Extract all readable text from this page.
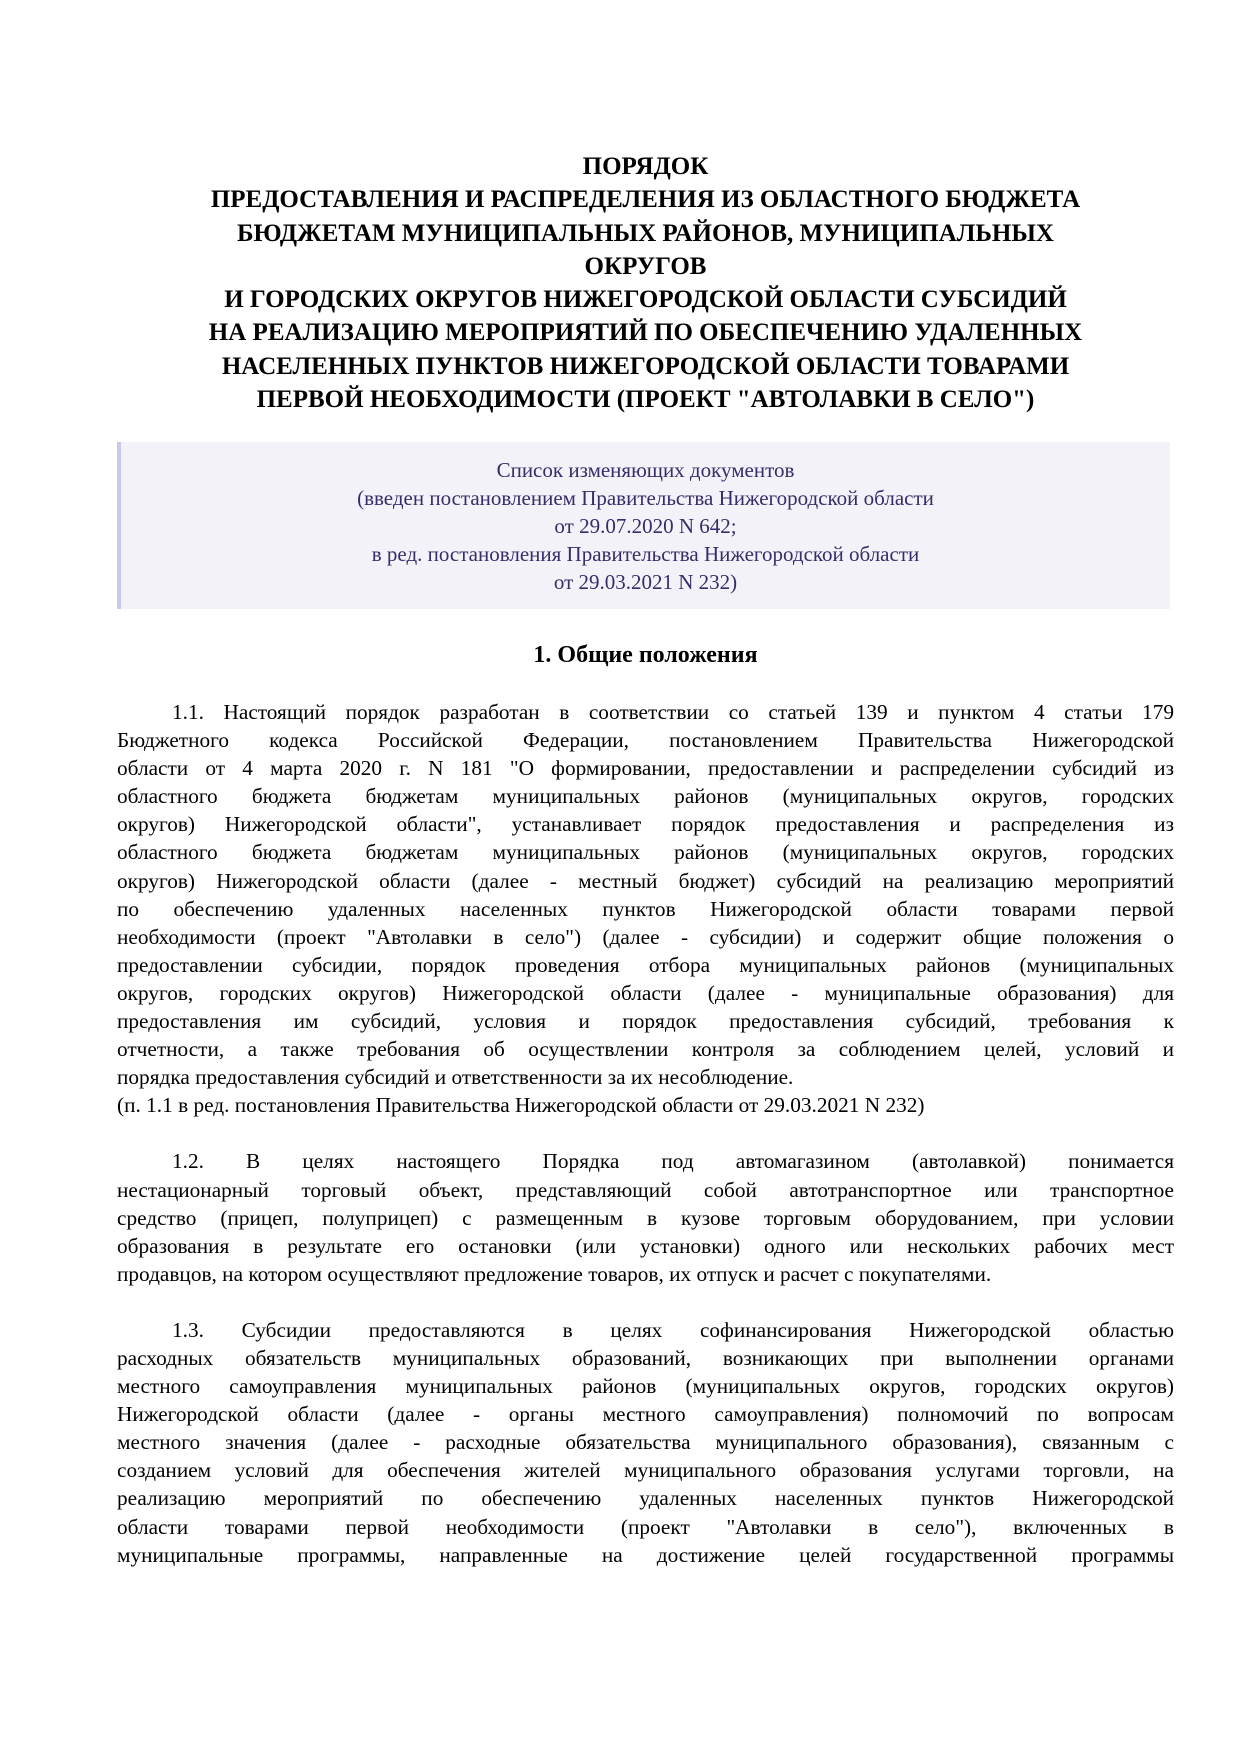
ПОРЯДОК
ПРЕДОСТАВЛЕНИЯ И РАСПРЕДЕЛЕНИЯ ИЗ ОБЛАСТНОГО БЮДЖЕТА
БЮДЖЕТАМ МУНИЦИПАЛЬНЫХ РАЙОНОВ, МУНИЦИПАЛЬНЫХ
ОКРУГОВ
И ГОРОДСКИХ ОКРУГОВ НИЖЕГОРОДСКОЙ ОБЛАСТИ СУБСИДИЙ
НА РЕАЛИЗАЦИЮ МЕРОПРИЯТИЙ ПО ОБЕСПЕЧЕНИЮ УДАЛЕННЫХ
НАСЕЛЕННЫХ ПУНКТОВ НИЖЕГОРОДСКОЙ ОБЛАСТИ ТОВАРАМИ
ПЕРВОЙ НЕОБХОДИМОСТИ (ПРОЕКТ "АВТОЛАВКИ В СЕЛО")
Список изменяющих документов
(введен постановлением Правительства Нижегородской области
от 29.07.2020 N 642;
в ред. постановления Правительства Нижегородской области
от 29.03.2021 N 232)
1. Общие положения
1.1. Настоящий порядок разработан в соответствии со статьей 139 и пунктом 4 статьи 179
Бюджетного кодекса Российской Федерации, постановлением Правительства Нижегородской
области от 4 марта 2020 г. N 181 "О формировании, предоставлении и распределении субсидий из
областного бюджета бюджетам муниципальных районов (муниципальных округов, городских
округов) Нижегородской области", устанавливает порядок предоставления и распределения из
областного бюджета бюджетам муниципальных районов (муниципальных округов, городских
округов) Нижегородской области (далее - местный бюджет) субсидий на реализацию мероприятий
по обеспечению удаленных населенных пунктов Нижегородской области товарами первой
необходимости (проект "Автолавки в село") (далее - субсидии) и содержит общие положения о
предоставлении субсидии, порядок проведения отбора муниципальных районов (муниципальных
округов, городских округов) Нижегородской области (далее - муниципальные образования) для
предоставления им субсидий, условия и порядок предоставления субсидий, требования к
отчетности, а также требования об осуществлении контроля за соблюдением целей, условий и
порядка предоставления субсидий и ответственности за их несоблюдение.
(п. 1.1 в ред. постановления Правительства Нижегородской области от 29.03.2021 N 232)
1.2. В целях настоящего Порядка под автомагазином (автолавкой) понимается
нестационарный торговый объект, представляющий собой автотранспортное или транспортное
средство (прицеп, полуприцеп) с размещенным в кузове торговым оборудованием, при условии
образования в результате его остановки (или установки) одного или нескольких рабочих мест
продавцов, на котором осуществляют предложение товаров, их отпуск и расчет с покупателями.
1.3. Субсидии предоставляются в целях софинансирования Нижегородской областью
расходных обязательств муниципальных образований, возникающих при выполнении органами
местного самоуправления муниципальных районов (муниципальных округов, городских округов)
Нижегородской области (далее - органы местного самоуправления) полномочий по вопросам
местного значения (далее - расходные обязательства муниципального образования), связанным с
созданием условий для обеспечения жителей муниципального образования услугами торговли, на
реализацию мероприятий по обеспечению удаленных населенных пунктов Нижегородской
области товарами первой необходимости (проект "Автолавки в село"), включенных в
муниципальные программы, направленные на достижение целей государственной программы
